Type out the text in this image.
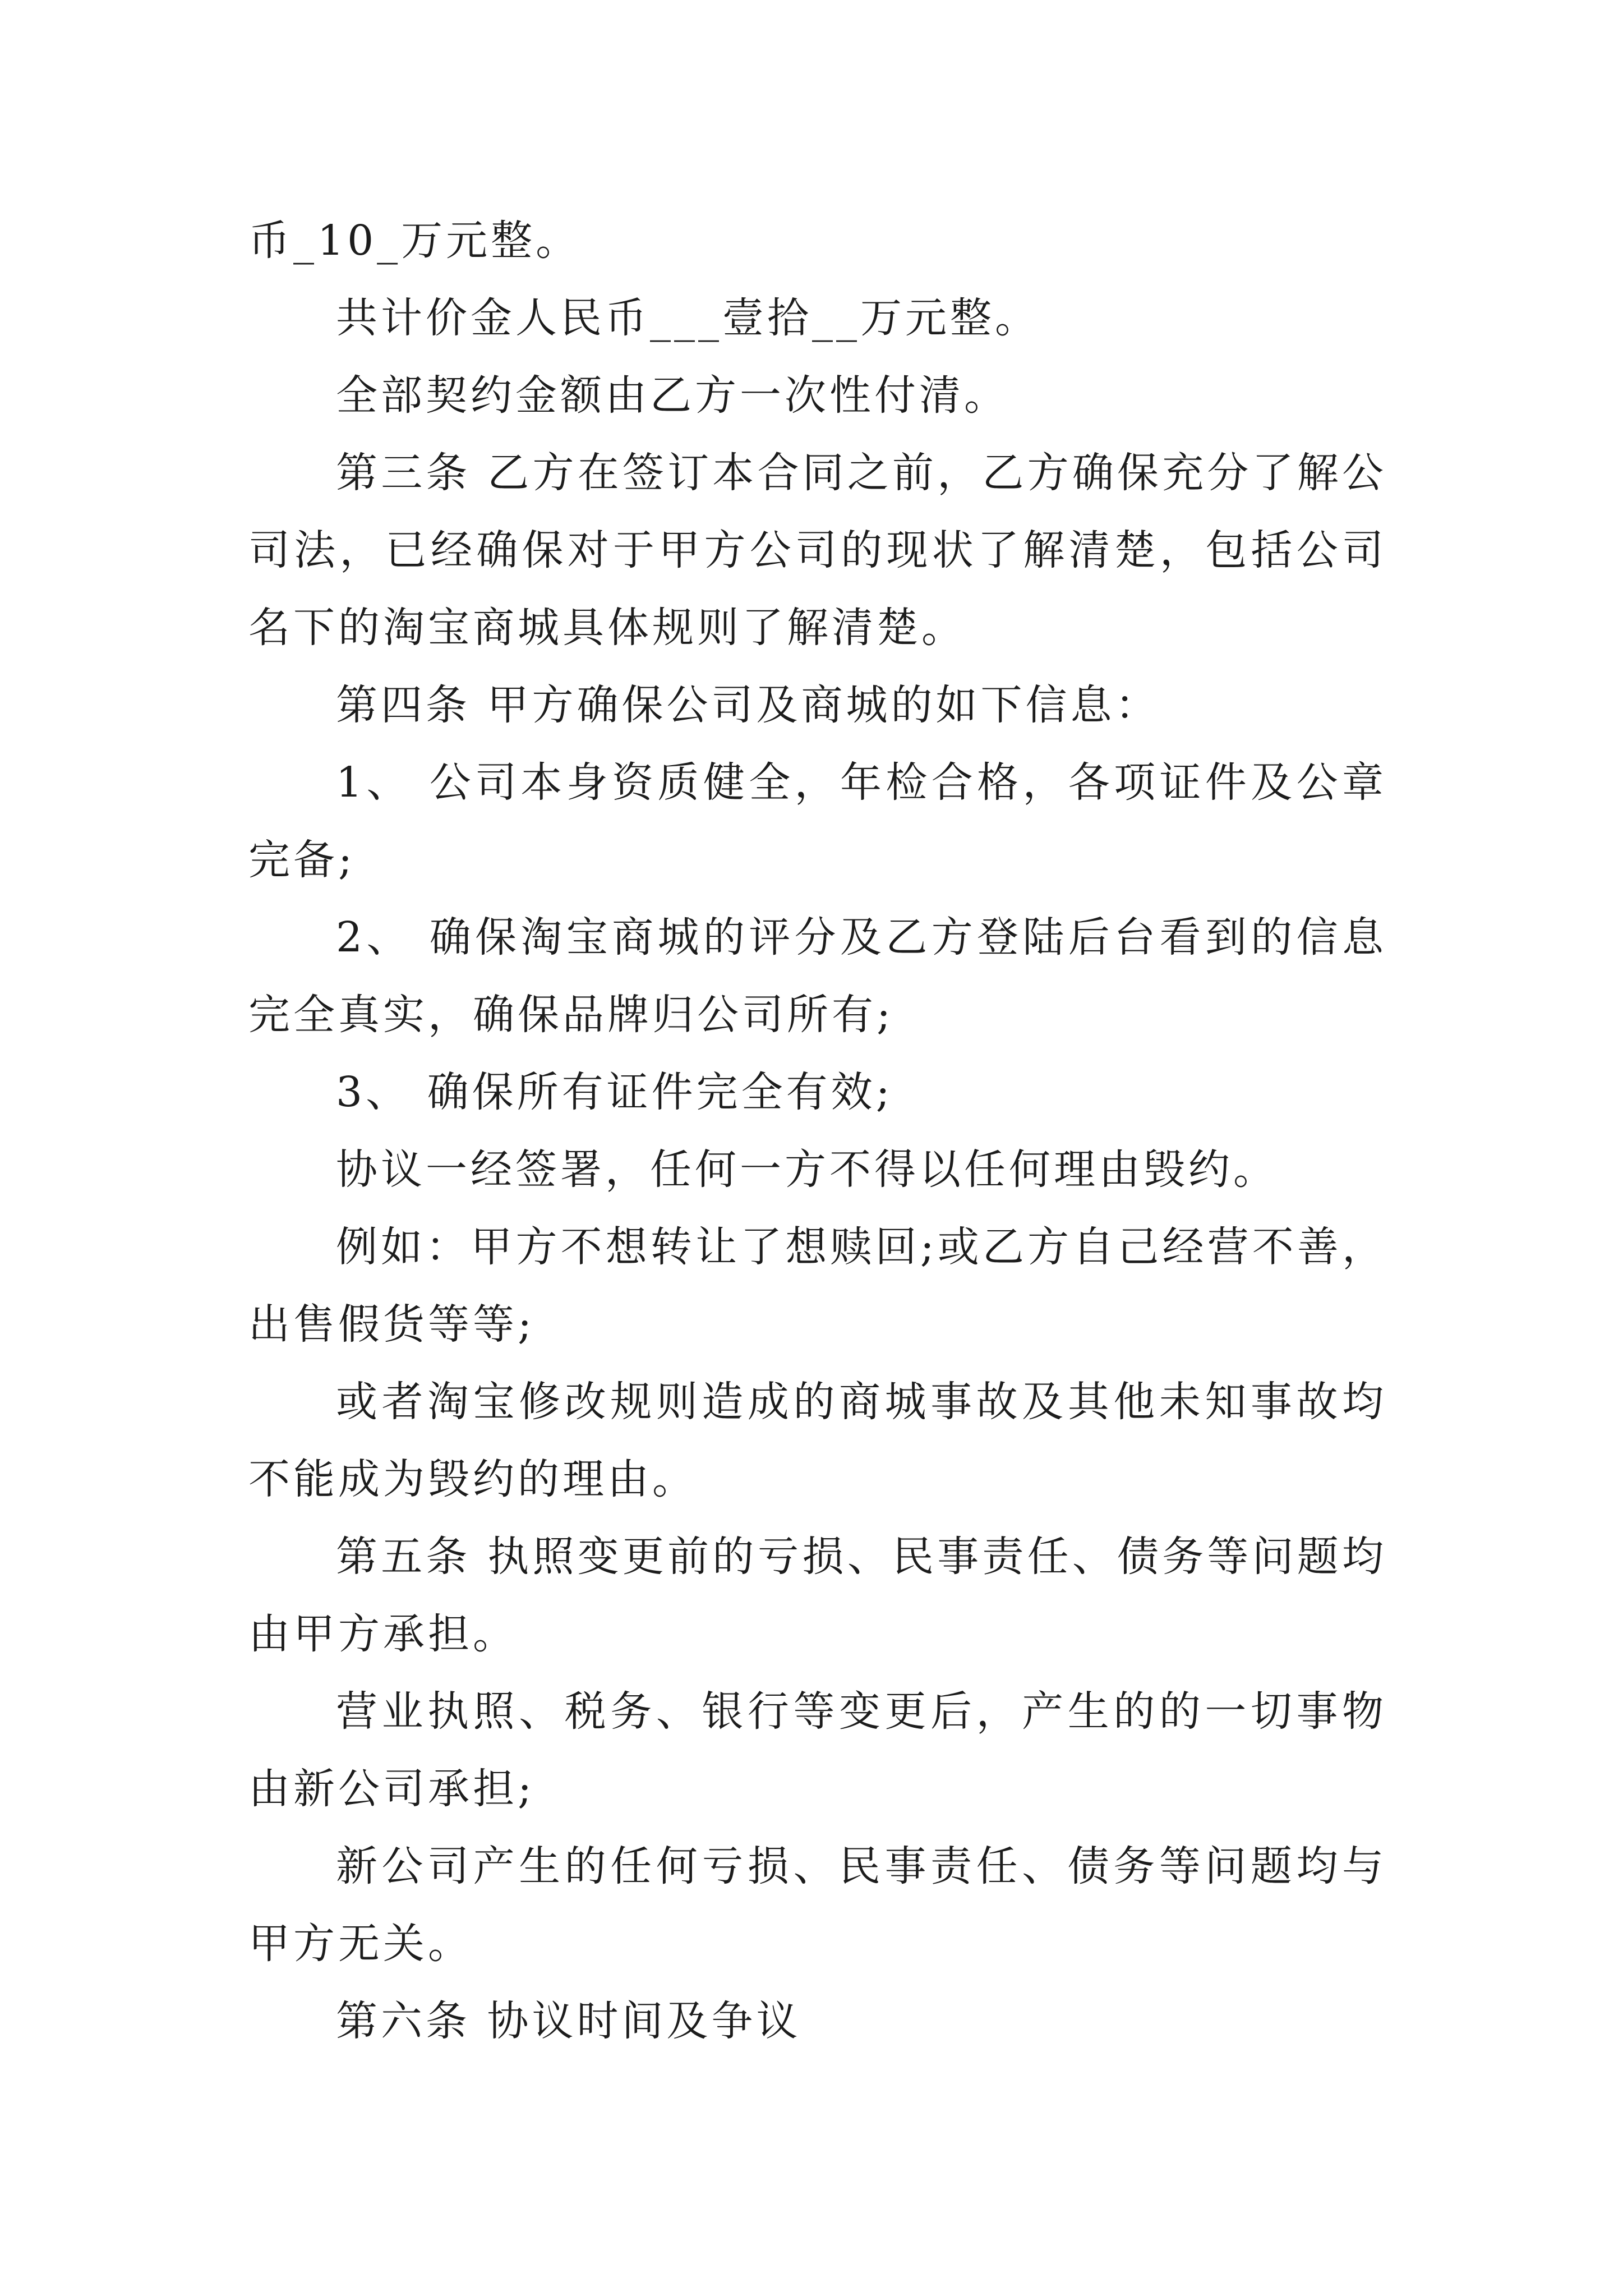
币_10_万元整。

共计价金人民币___壹拾__万元整。

全部契约金额由乙方一次性付清。

第三条 乙方在签订本合同之前，乙方确保充分了解公司法，已经确保对于甲方公司的现状了解清楚，包括公司名下的淘宝商城具体规则了解清楚。

第四条 甲方确保公司及商城的如下信息：

1、 公司本身资质健全，年检合格，各项证件及公章完备;

2、 确保淘宝商城的评分及乙方登陆后台看到的信息完全真实，确保品牌归公司所有;

3、 确保所有证件完全有效;

协议一经签署，任何一方不得以任何理由毁约。

例如：甲方不想转让了想赎回;或乙方自己经营不善，出售假货等等;

或者淘宝修改规则造成的商城事故及其他未知事故均不能成为毁约的理由。

第五条 执照变更前的亏损、民事责任、债务等问题均由甲方承担。

营业执照、税务、银行等变更后，产生的的一切事物由新公司承担;

新公司产生的任何亏损、民事责任、债务等问题均与甲方无关。

第六条 协议时间及争议
